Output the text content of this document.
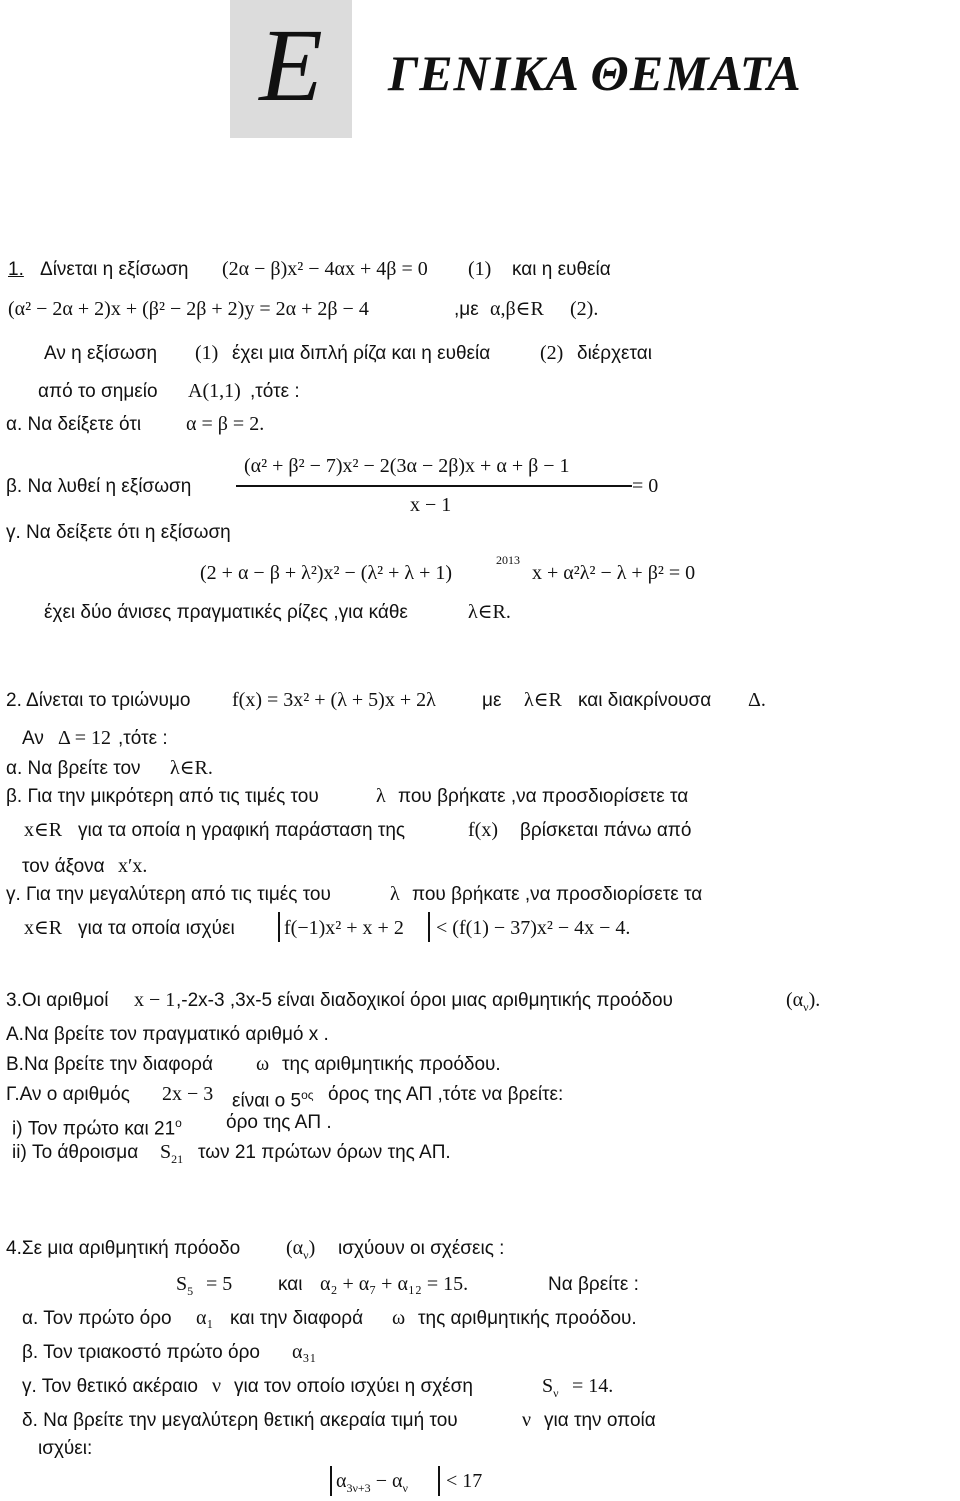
Ε	ΓΕΝΙΚΑ ΘΕΜΑΤΑ
1. Δίνεται η εξίσωση (2α − β)x² − 4αx + 4β = 0 (1) και η ευθεία
(α² − 2α + 2)x + (β² − 2β + 2)y = 2α + 2β − 4	,με α,β∈R (2).
Αν η εξίσωση (1) έχει μια διπλή ρίζα και η ευθεία (2) διέρχεται
από το σημείο Α(1,1) ,τότε :
α. Να δείξετε ότι α = β = 2.
(α² + β² − 7)x² − 2(3α − 2β)x + α + β − 1
β. Να λυθεί η εξίσωση	= 0
x − 1
γ. Να δείξετε ότι η εξίσωση
(2 + α − β + λ²)x² − (λ² + λ + 1)
2013
x + α²λ² − λ + β² = 0
έχει δύο άνισες πραγματικές ρίζες ,για κάθε	λ∈R.
2. Δίνεται το τριώνυμο f(x) = 3x² + (λ + 5)x + 2λ με λ∈R και διακρίνουσα Δ.
Αν Δ = 12 ,τότε :
α. Να βρείτε τον λ∈R.
β. Για την μικρότερη από τις τιμές του	λ που βρήκατε ,να προσδιορίσετε τα
x∈R για τα οποία η γραφική παράσταση της	f(x) βρίσκεται πάνω από
τον άξονα x′x.
γ. Για την μεγαλύτερη από τις τιμές του	λ που βρήκατε ,να προσδιορίσετε τα
x∈R για τα οποία ισχύει f(−1)x² + x + 2 < (f(1) − 37)x² − 4x − 4.
3.Οι αριθμοί x − 1 ,-2x-3 ,3x-5 είναι διαδοχικοί όροι μιας αριθμητικής προόδου	$(\alpha_\nu)$.
Α.Να βρείτε τον πραγματικό αριθμό x .
Β.Να βρείτε την διαφορά ω της αριθμητικής προόδου.
Γ.Αν ο αριθμός 2x − 3 είναι ο $5^{o\varsigma}$ όρος της ΑΠ ,τότε να βρείτε:
i) Τον πρώτο και $21^o$ όρο της ΑΠ .
ii) Το άθροισμα $S_{21}$ των 21 πρώτων όρων της ΑΠ.
4.Σε μια αριθμητική πρόοδο $(\alpha_\nu)$ ισχύουν οι σχέσεις :
$S_5 = 5$ και α₂ + α₇ + α₁₂ = 15.	Να βρείτε :
α. Τον πρώτο όρο α₁ και την διαφορά ω της αριθμητικής προόδου.
β. Τον τριακοστό πρώτο όρο α₃₁
γ. Τον θετικό ακέραιο ν για τον οποίο ισχύει η σχέση	$S_\nu = 14$.
δ. Να βρείτε την μεγαλύτερη θετική ακεραία τιμή του	ν για την οποία
ισχύει:
$\alpha_{3\nu+3} - \alpha_\nu < 17$
